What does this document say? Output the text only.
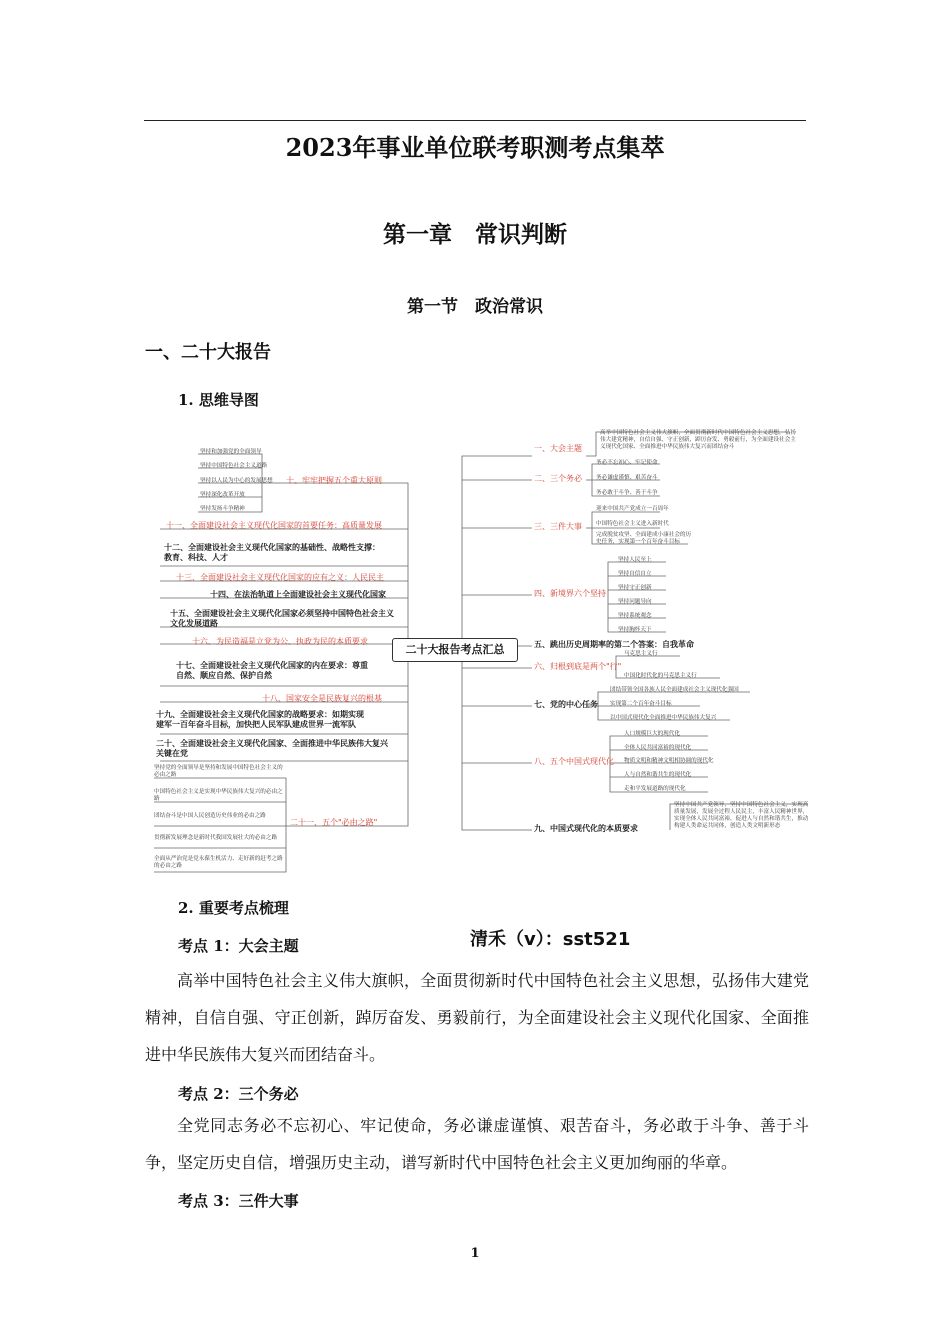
2023年事业单位联考职测考点集萃
第一章　常识判断
第一节　政治常识
一、二十大报告
1. 思维导图
二十大报告考点汇总
一、大会主题
高举中国特色社会主义伟大旗帜，全面贯彻新时代中国特色社会主义思想，弘扬伟大建党精神，自信自强、守正创新，踔厉奋发、勇毅前行，为全面建设社会主义现代化国家、全面推进中华民族伟大复兴而团结奋斗
二、三个务必
务必不忘初心、牢记使命
务必谦虚谨慎、艰苦奋斗
务必敢于斗争、善于斗争
三、三件大事
迎来中国共产党成立一百周年
中国特色社会主义进入新时代
完成脱贫攻坚、全面建成小康社会的历史任务，实现第一个百年奋斗目标
四、新境界六个坚持
坚持人民至上
坚持自信自立
坚持守正创新
坚持问题导向
坚持系统观念
坚持胸怀天下
五、跳出历史周期率的第二个答案：自我革命
六、归根到底是两个"行"
马克思主义行
中国化时代化的马克思主义行
七、党的中心任务
团结带领全国各族人民全面建成社会主义现代化强国
实现第二个百年奋斗目标
以中国式现代化全面推进中华民族伟大复兴
八、五个中国式现代化
人口规模巨大的现代化
全体人民共同富裕的现代化
物质文明和精神文明相协调的现代化
人与自然和谐共生的现代化
走和平发展道路的现代化
九、中国式现代化的本质要求
坚持中国共产党领导，坚持中国特色社会主义，实现高质量发展，发展全过程人民民主，丰富人民精神世界，实现全体人民共同富裕，促进人与自然和谐共生，推动构建人类命运共同体，创造人类文明新形态
十、牢牢把握五个重大原则
坚持和加强党的全面领导
坚持中国特色社会主义道路
坚持以人民为中心的发展思想
坚持深化改革开放
坚持发扬斗争精神
十一、全面建设社会主义现代化国家的首要任务：高质量发展
十二、全面建设社会主义现代化国家的基础性、战略性支撑：教育、科技、人才
十三、全面建设社会主义现代化国家的应有之义：人民民主
十四、在法治轨道上全面建设社会主义现代化国家
十五、全面建设社会主义现代化国家必须坚持中国特色社会主义文化发展道路
十六、为民造福是立党为公、执政为民的本质要求
十七、全面建设社会主义现代化国家的内在要求：尊重自然、顺应自然、保护自然
十八、国家安全是民族复兴的根基
十九、全面建设社会主义现代化国家的战略要求：如期实现建军一百年奋斗目标，加快把人民军队建成世界一流军队
二十、全面建设社会主义现代化国家、全面推进中华民族伟大复兴关键在党
二十一、五个"必由之路"
坚持党的全面领导是坚持和发展中国特色社会主义的必由之路
中国特色社会主义是实现中华民族伟大复兴的必由之路
团结奋斗是中国人民创造历史伟业的必由之路
贯彻新发展理念是新时代我国发展壮大的必由之路
全面从严治党是党永葆生机活力、走好新的赶考之路的必由之路
2. 重要考点梳理
清禾（v）：sst521
考点 1：大会主题
高举中国特色社会主义伟大旗帜，全面贯彻新时代中国特色社会主义思想，弘扬伟大建党精神，自信自强、守正创新，踔厉奋发、勇毅前行，为全面建设社会主义现代化国家、全面推进中华民族伟大复兴而团结奋斗。
考点 2：三个务必
全党同志务必不忘初心、牢记使命，务必谦虚谨慎、艰苦奋斗，务必敢于斗争、善于斗争，坚定历史自信，增强历史主动，谱写新时代中国特色社会主义更加绚丽的华章。
考点 3：三件大事
1
